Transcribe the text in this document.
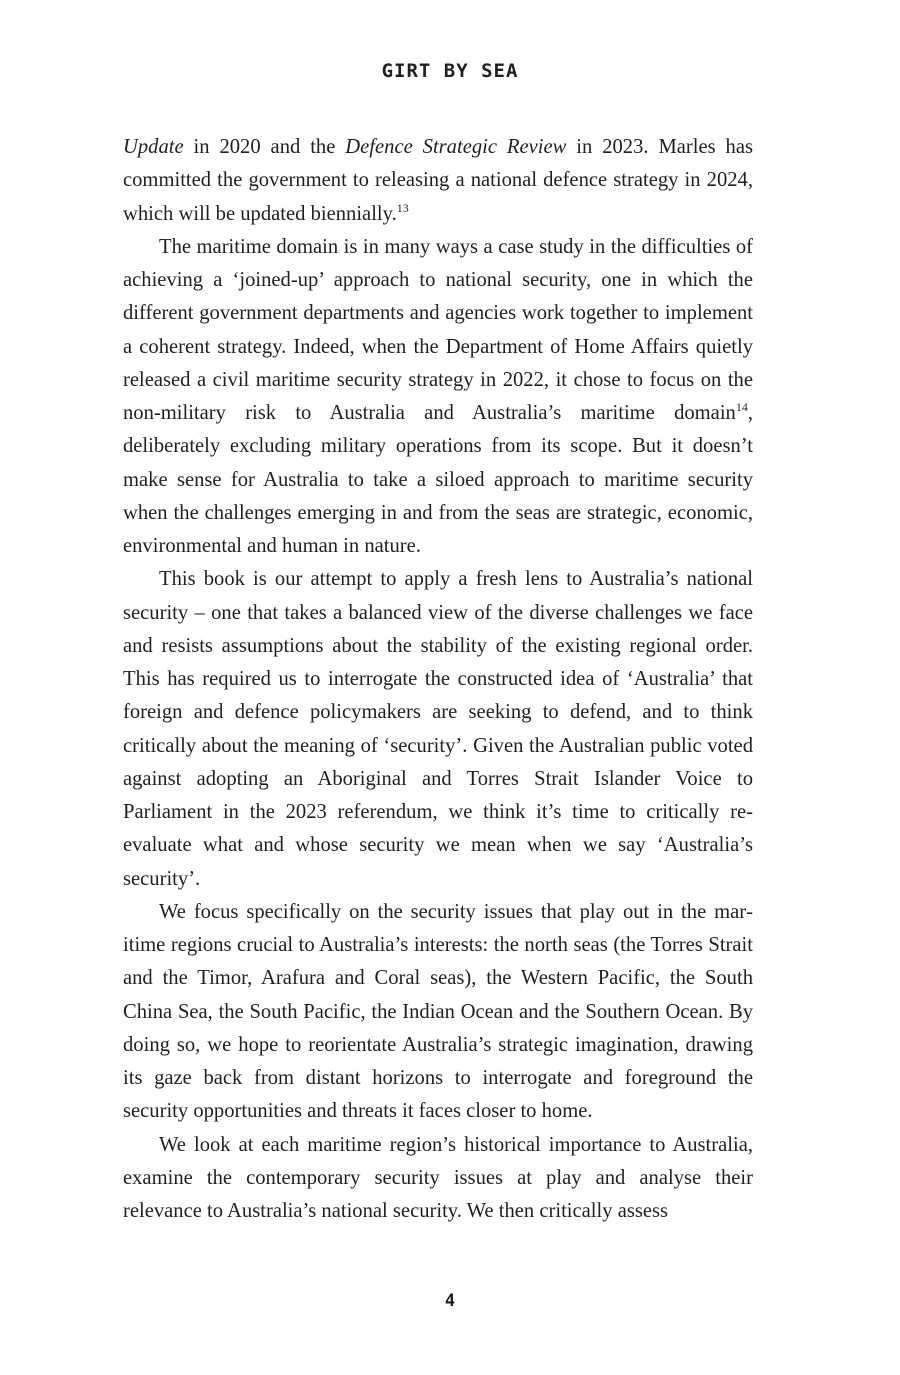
GIRT BY SEA

Update in 2020 and the Defence Strategic Review in 2023. Marles has committed the government to releasing a national defence strategy in 2024, which will be updated biennially.$^{13}$

The maritime domain is in many ways a case study in the difficulties of achieving a ‘joined-up’ approach to national security, one in which the different government departments and agencies work together to implement a coherent strategy. Indeed, when the Department of Home Affairs quietly released a civil maritime security strategy in 2022, it chose to focus on the non-military risk to Australia and Australia’s maritime domain$^{14}$, deliberately excluding military operations from its scope. But it doesn’t make sense for Australia to take a siloed approach to maritime security when the challenges emerging in and from the seas are strategic, economic, environmental and human in nature.

This book is our attempt to apply a fresh lens to Australia’s national security – one that takes a balanced view of the diverse challenges we face and resists assumptions about the stability of the existing regional order. This has required us to interrogate the constructed idea of ‘Australia’ that foreign and defence policymakers are seeking to defend, and to think critically about the meaning of ‘security’. Given the Australian public voted against adopting an Aboriginal and Torres Strait Islander Voice to Parliament in the 2023 referendum, we think it’s time to critically re-evaluate what and whose security we mean when we say ‘Australia’s security’.

We focus specifically on the security issues that play out in the maritime regions crucial to Australia’s interests: the north seas (the Torres Strait and the Timor, Arafura and Coral seas), the Western Pacific, the South China Sea, the South Pacific, the Indian Ocean and the Southern Ocean. By doing so, we hope to reorientate Australia’s strategic imagination, drawing its gaze back from distant horizons to interrogate and foreground the security opportunities and threats it faces closer to home.

We look at each maritime region’s historical importance to Australia, examine the contemporary security issues at play and analyse their relevance to Australia’s national security. We then critically assess

4
